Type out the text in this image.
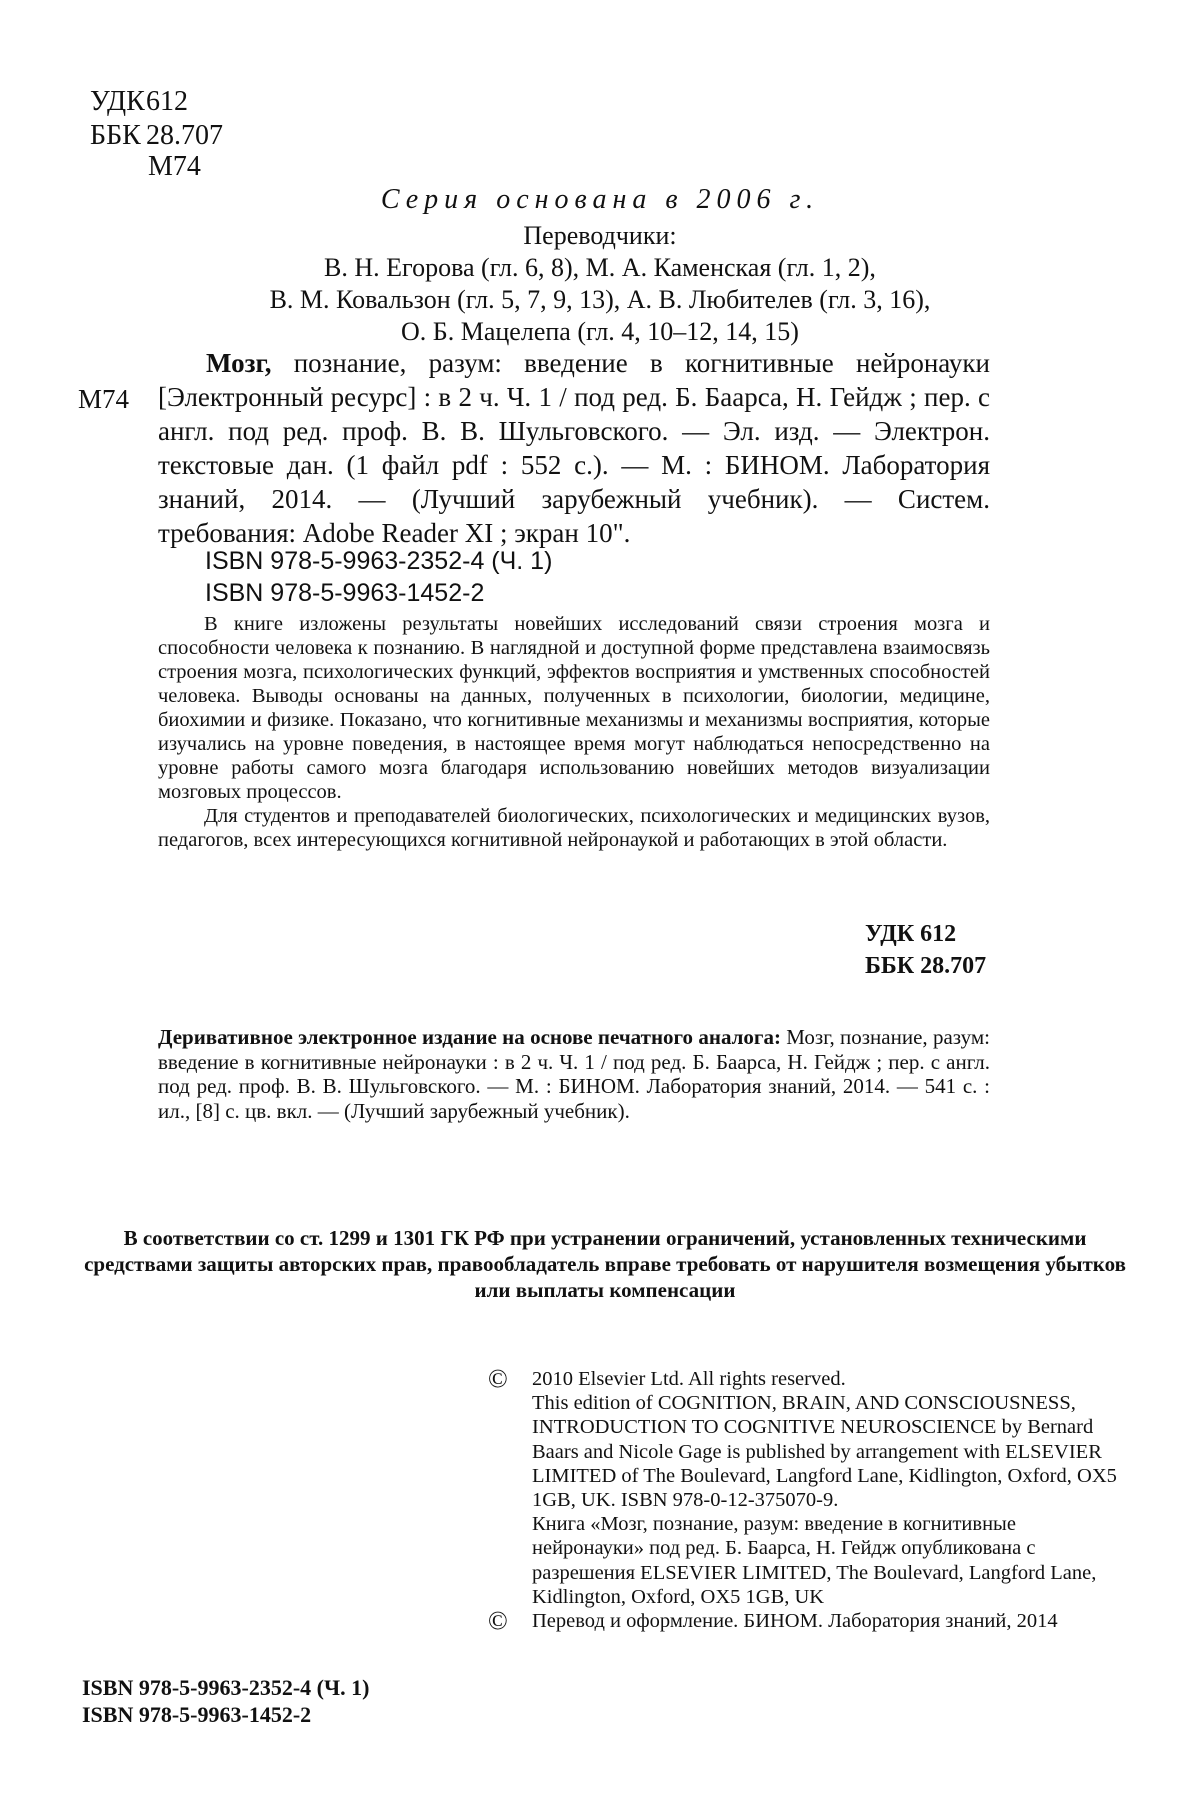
УДК 612
ББК 28.707
М74
Серия основана в 2006 г.
Переводчики:
В. Н. Егорова (гл. 6, 8), М. А. Каменская (гл. 1, 2),
В. М. Ковальзон (гл. 5, 7, 9, 13), А. В. Любителев (гл. 3, 16),
О. Б. Мацелепа (гл. 4, 10–12, 14, 15)
М74
Мозг, познание, разум: введение в когнитивные нейронауки [Электронный ресурс] : в 2 ч. Ч. 1 / под ред. Б. Баарса, Н. Гейдж ; пер. с англ. под ред. проф. В. В. Шульговского. — Эл. изд. — Электрон. текстовые дан. (1 файл pdf : 552 с.). — М. : БИНОМ. Лаборатория знаний, 2014. — (Лучший зарубежный учебник). — Систем. требования: Adobe Reader XI ; экран 10".
ISBN 978-5-9963-2352-4 (Ч. 1)
ISBN 978-5-9963-1452-2

В книге изложены результаты новейших исследований связи строения мозга и способности человека к познанию. В наглядной и доступной форме представлена взаимосвязь строения мозга, психологических функций, эффектов восприятия и умственных способностей человека. Выводы основаны на данных, полученных в психологии, биологии, медицине, биохимии и физике. Показано, что когнитивные механизмы и механизмы восприятия, которые изучались на уровне поведения, в настоящее время могут наблюдаться непосредственно на уровне работы самого мозга благодаря использованию новейших методов визуализации мозговых процессов.

Для студентов и преподавателей биологических, психологических и медицинских вузов, педагогов, всех интересующихся когнитивной нейронаукой и работающих в этой области.

УДК 612
ББК 28.707
Деривативное электронное издание на основе печатного аналога: Мозг, познание, разум: введение в когнитивные нейронауки : в 2 ч. Ч. 1 / под ред. Б. Баарса, Н. Гейдж ; пер. с англ. под ред. проф. В. В. Шульговского. — М. : БИНОМ. Лаборатория знаний, 2014. — 541 с. : ил., [8] с. цв. вкл. — (Лучший зарубежный учебник).
В соответствии со ст. 1299 и 1301 ГК РФ при устранении ограничений, установленных техническими средствами защиты авторских прав, правообладатель вправе требовать от нарушителя возмещения убытков или выплаты компенсации
©	2010 Elsevier Ltd. All rights reserved.
This edition of COGNITION, BRAIN, AND CONSCIOUSNESS, INTRODUCTION TO COGNITIVE NEUROSCIENCE by Bernard Baars and Nicole Gage is published by arrangement with ELSEVIER LIMITED of The Boulevard, Langford Lane, Kidlington, Oxford, OX5 1GB, UK. ISBN 978-0-12-375070-9.
Книга «Мозг, познание, разум: введение в когнитивные нейронауки» под ред. Б. Баарса, Н. Гейдж опубликована с разрешения ELSEVIER LIMITED, The Boulevard, Langford Lane, Kidlington, Oxford, OX5 1GB, UK
©	Перевод и оформление. БИНОМ. Лаборатория знаний, 2014
ISBN 978-5-9963-2352-4 (Ч. 1)
ISBN 978-5-9963-1452-2
